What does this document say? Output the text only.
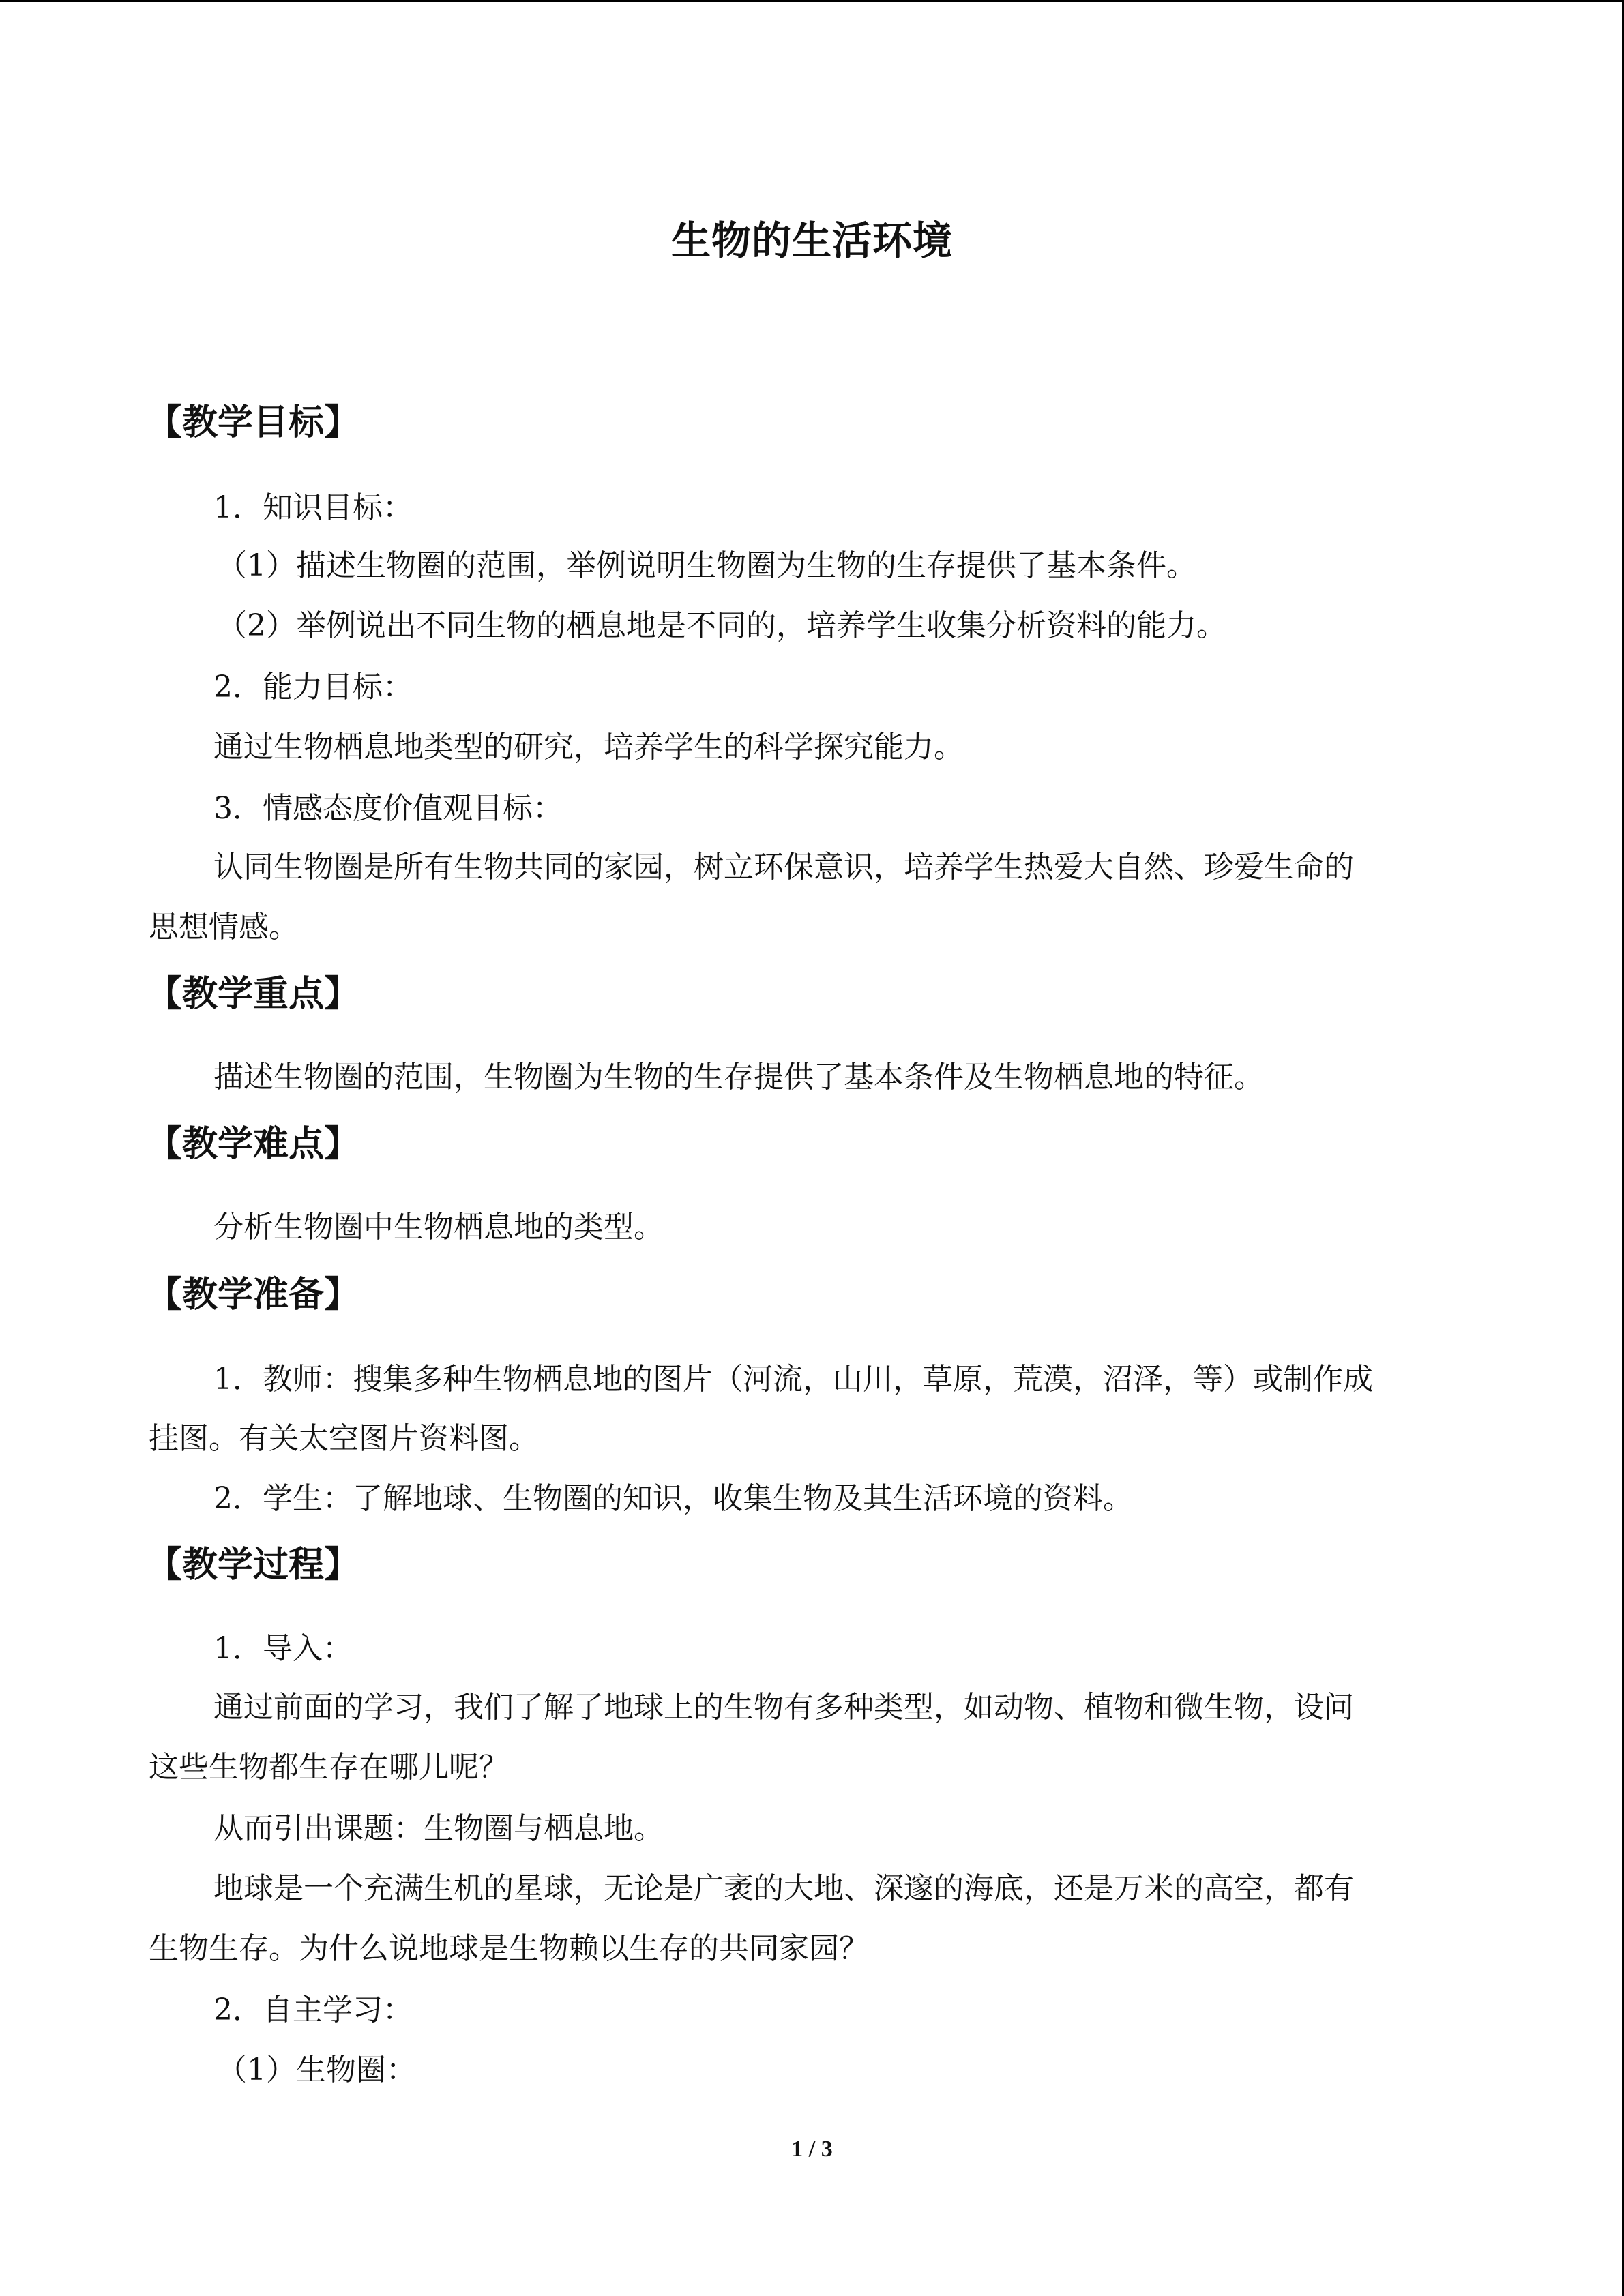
生物的生活环境
【教学目标】
1．知识目标：
（1）描述生物圈的范围，举例说明生物圈为生物的生存提供了基本条件。
（2）举例说出不同生物的栖息地是不同的，培养学生收集分析资料的能力。
2．能力目标：
通过生物栖息地类型的研究，培养学生的科学探究能力。
3．情感态度价值观目标：
认同生物圈是所有生物共同的家园，树立环保意识，培养学生热爱大自然、珍爱生命的
思想情感。
【教学重点】
描述生物圈的范围，生物圈为生物的生存提供了基本条件及生物栖息地的特征。
【教学难点】
分析生物圈中生物栖息地的类型。
【教学准备】
1．教师：搜集多种生物栖息地的图片（河流，山川，草原，荒漠，沼泽，等）或制作成
挂图。有关太空图片资料图。
2．学生：了解地球、生物圈的知识，收集生物及其生活环境的资料。
【教学过程】
1．导入：
通过前面的学习，我们了解了地球上的生物有多种类型，如动物、植物和微生物，设问
这些生物都生存在哪儿呢？
从而引出课题：生物圈与栖息地。
地球是一个充满生机的星球，无论是广袤的大地、深邃的海底，还是万米的高空，都有
生物生存。为什么说地球是生物赖以生存的共同家园？
2．自主学习：
（1）生物圈：
1 / 3
